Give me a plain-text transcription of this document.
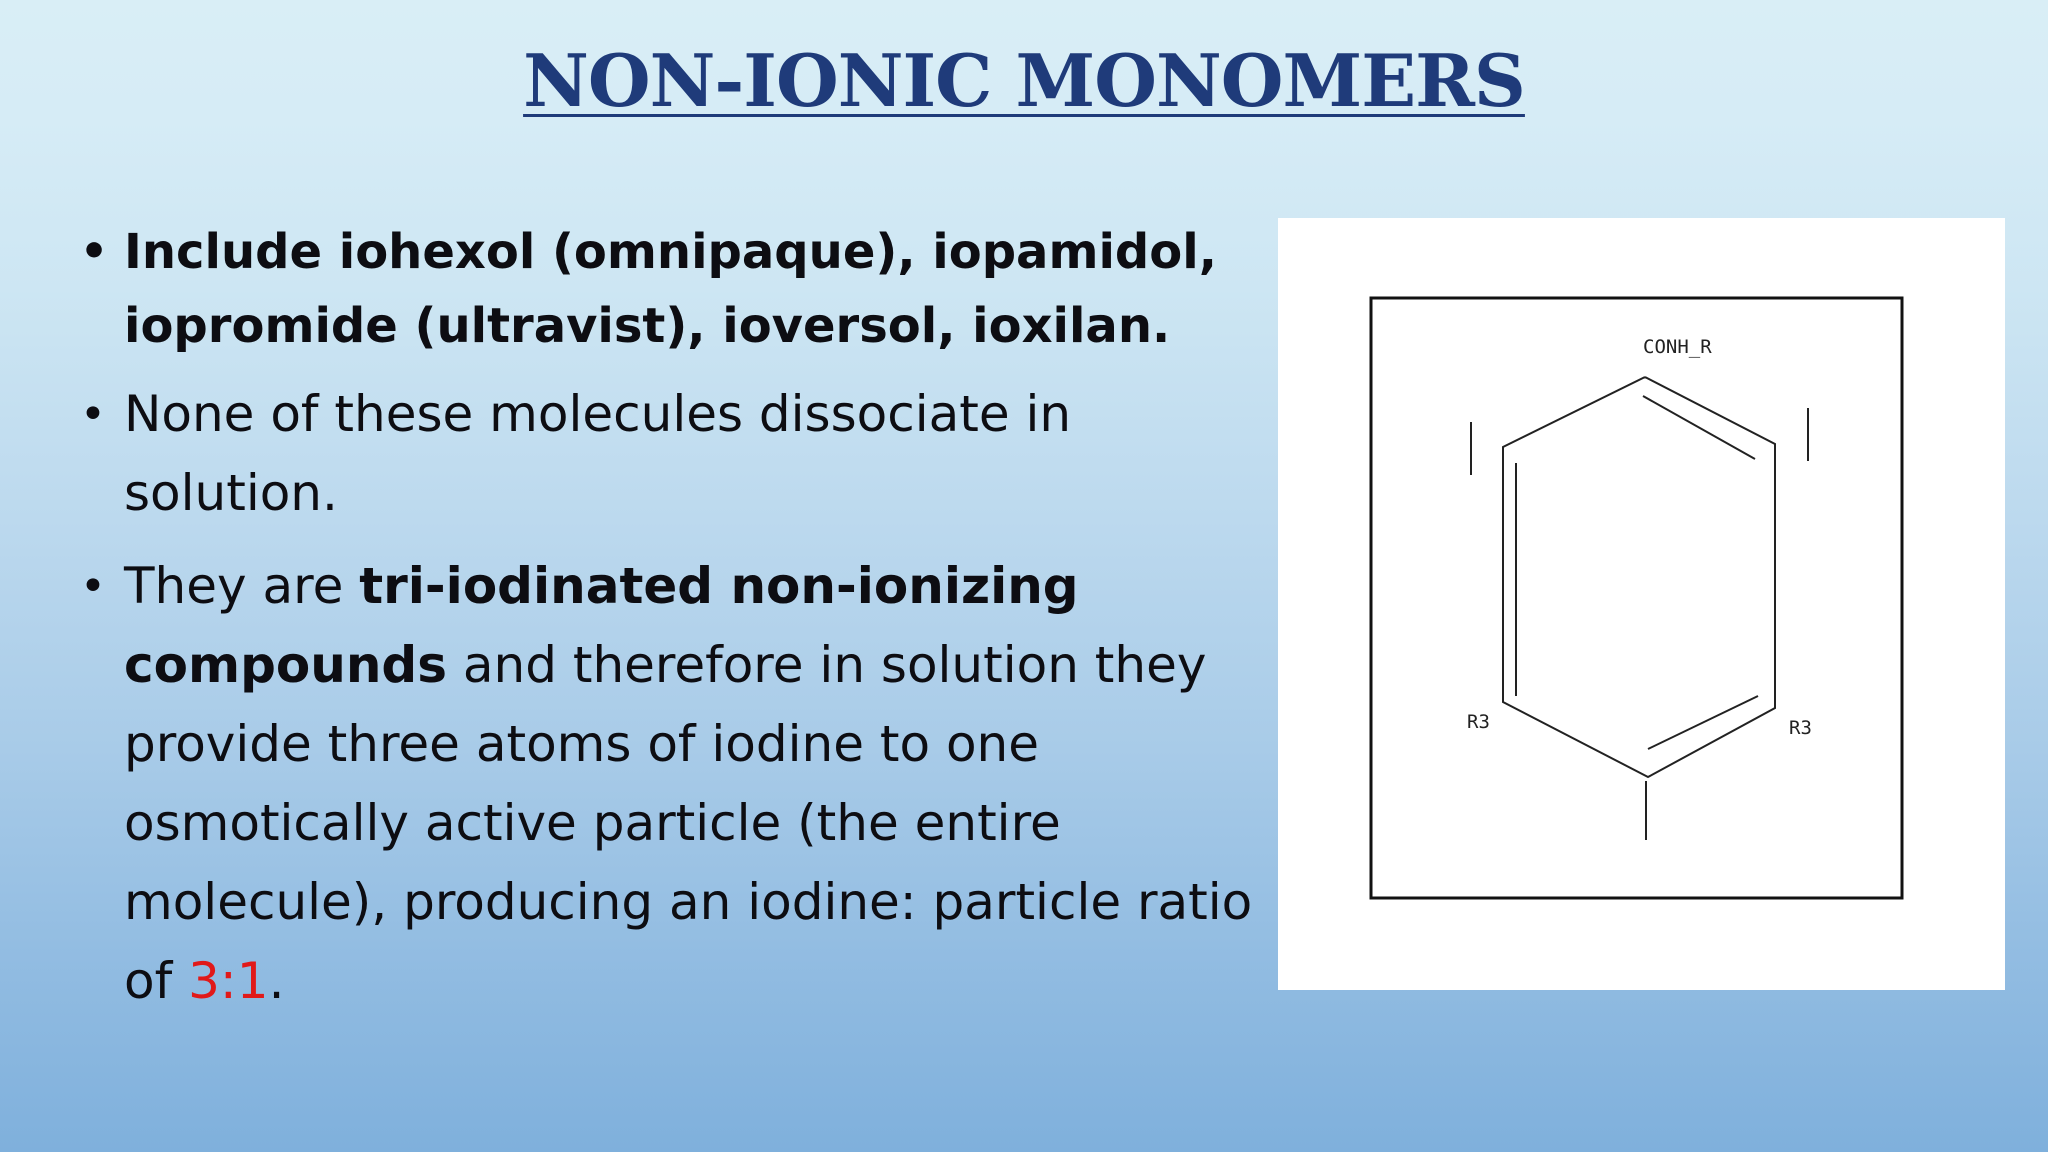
NON-IONIC MONOMERS
• Include iohexol (omnipaque), iopamidol, iopromide (ultravist), ioversol, ioxilan.
• None of these molecules dissociate in solution.
• They are tri-iodinated non-ionizing compounds and therefore in solution they provide three atoms of iodine to one osmotically active particle (the entire molecule), producing an iodine: particle ratio of 3:1.
CONH_R
R3	R3
